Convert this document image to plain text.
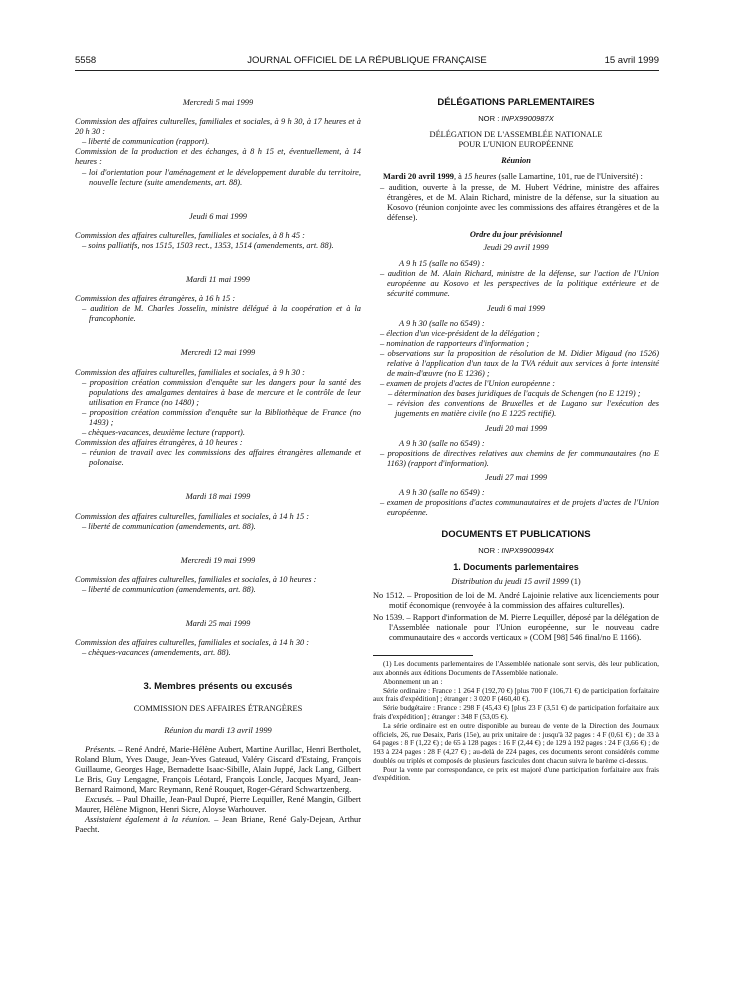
5558	JOURNAL OFFICIEL DE LA RÉPUBLIQUE FRANÇAISE	15 avril 1999

Mercredi 5 mai 1999

Commission des affaires culturelles, familiales et sociales, à 9 h 30, à 17 heures et à 20 h 30 :

– liberté de communication (rapport).

Commission de la production et des échanges, à 8 h 15 et, éventuellement, à 14 heures :

– loi d'orientation pour l'aménagement et le développement durable du territoire, nouvelle lecture (suite amendements, art. 88).

Jeudi 6 mai 1999

Commission des affaires culturelles, familiales et sociales, à 8 h 45 :

– soins palliatifs, nos 1515, 1503 rect., 1353, 1514 (amendements, art. 88).

Mardi 11 mai 1999

Commission des affaires étrangères, à 16 h 15 :

– audition de M. Charles Josselin, ministre délégué à la coopération et à la francophonie.

Mercredi 12 mai 1999

Commission des affaires culturelles, familiales et sociales, à 9 h 30 :

– proposition création commission d'enquête sur les dangers pour la santé des populations des amalgames dentaires à base de mercure et le contrôle de leur utilisation en France (no 1480) ;

– proposition création commission d'enquête sur la Bibliothèque de France (no 1493) ;

– chèques-vacances, deuxième lecture (rapport).

Commission des affaires étrangères, à 10 heures :

– réunion de travail avec les commissions des affaires étrangères allemande et polonaise.

Mardi 18 mai 1999

Commission des affaires culturelles, familiales et sociales, à 14 h 15 :

– liberté de communication (amendements, art. 88).

Mercredi 19 mai 1999

Commission des affaires culturelles, familiales et sociales, à 10 heures :

– liberté de communication (amendements, art. 88).

Mardi 25 mai 1999

Commission des affaires culturelles, familiales et sociales, à 14 h 30 :

– chèques-vacances (amendements, art. 88).

3. Membres présents ou excusés

COMMISSION DES AFFAIRES ÉTRANGÈRES

Réunion du mardi 13 avril 1999

Présents. – René André, Marie-Hélène Aubert, Martine Aurillac, Henri Bertholet, Roland Blum, Yves Dauge, Jean-Yves Gateaud, Valéry Giscard d'Estaing, François Guillaume, Georges Hage, Bernadette Isaac-Sibille, Alain Juppé, Jack Lang, Gilbert Le Bris, Guy Lengagne, François Léotard, François Loncle, Jacques Myard, Jean-Bernard Raimond, Marc Reymann, René Rouquet, Roger-Gérard Schwartzenberg.

Excusés. – Paul Dhaille, Jean-Paul Dupré, Pierre Lequiller, René Mangin, Gilbert Maurer, Hélène Mignon, Henri Sicre, Aloyse Warhouver.

Assistaient également à la réunion. – Jean Briane, René Galy-Dejean, Arthur Paecht.

DÉLÉGATIONS PARLEMENTAIRES

NOR : INPX9900987X

DÉLÉGATION DE L'ASSEMBLÉE NATIONALE

POUR L'UNION EUROPÉENNE

Réunion

Mardi 20 avril 1999, à 15 heures (salle Lamartine, 101, rue de l'Université) :

– audition, ouverte à la presse, de M. Hubert Védrine, ministre des affaires étrangères, et de M. Alain Richard, ministre de la défense, sur la situation au Kosovo (réunion conjointe avec les commissions des affaires étrangères et de la défense).

Ordre du jour prévisionnel

Jeudi 29 avril 1999

A 9 h 15 (salle no 6549) :

– audition de M. Alain Richard, ministre de la défense, sur l'action de l'Union européenne au Kosovo et les perspectives de la politique extérieure et de sécurité commune.

Jeudi 6 mai 1999

A 9 h 30 (salle no 6549) :

– élection d'un vice-président de la délégation ;

– nomination de rapporteurs d'information ;

– observations sur la proposition de résolution de M. Didier Migaud (no 1526) relative à l'application d'un taux de la TVA réduit aux services à forte intensité de main-d'œuvre (no E 1236) ;

– examen de projets d'actes de l'Union européenne :

– détermination des bases juridiques de l'acquis de Schengen (no E 1219) ;

– révision des conventions de Bruxelles et de Lugano sur l'exécution des jugements en matière civile (no E 1225 rectifié).

Jeudi 20 mai 1999

A 9 h 30 (salle no 6549) :

– propositions de directives relatives aux chemins de fer communautaires (no E 1163) (rapport d'information).

Jeudi 27 mai 1999

A 9 h 30 (salle no 6549) :

– examen de propositions d'actes communautaires et de projets d'actes de l'Union européenne.

DOCUMENTS ET PUBLICATIONS

NOR : INPX9900994X

1. Documents parlementaires

Distribution du jeudi 15 avril 1999 (1)

No 1512. – Proposition de loi de M. André Lajoinie relative aux licenciements pour motif économique (renvoyée à la commission des affaires culturelles).

No 1539. – Rapport d'information de M. Pierre Lequiller, déposé par la délégation de l'Assemblée nationale pour l'Union européenne, sur le nouveau cadre communautaire des « accords verticaux » (COM [98] 546 final/no E 1166).

(1) Les documents parlementaires de l'Assemblée nationale sont servis, dès leur publication, aux abonnés aux éditions Documents de l'Assemblée nationale.

Abonnement un an :

Série ordinaire : France : 1 264 F (192,70 €) [plus 700 F (106,71 €) de participation forfaitaire aux frais d'expédition] ; étranger : 3 020 F (460,40 €).

Série budgétaire : France : 298 F (45,43 €) [plus 23 F (3,51 €) de participation forfaitaire aux frais d'expédition] ; étranger : 348 F (53,05 €).

La série ordinaire est en outre disponible au bureau de vente de la Direction des Journaux officiels, 26, rue Desaix, Paris (15e), au prix unitaire de : jusqu'à 32 pages : 4 F (0,61 €) ; de 33 à 64 pages : 8 F (1,22 €) ; de 65 à 128 pages : 16 F (2,44 €) ; de 129 à 192 pages : 24 F (3,66 €) ; de 193 à 224 pages : 28 F (4,27 €) ; au-delà de 224 pages, ces documents seront considérés comme doublés ou triplés et composés de plusieurs fascicules dont chacun suivra le barème ci-dessus.

Pour la vente par correspondance, ce prix est majoré d'une participation forfaitaire aux frais d'expédition.
